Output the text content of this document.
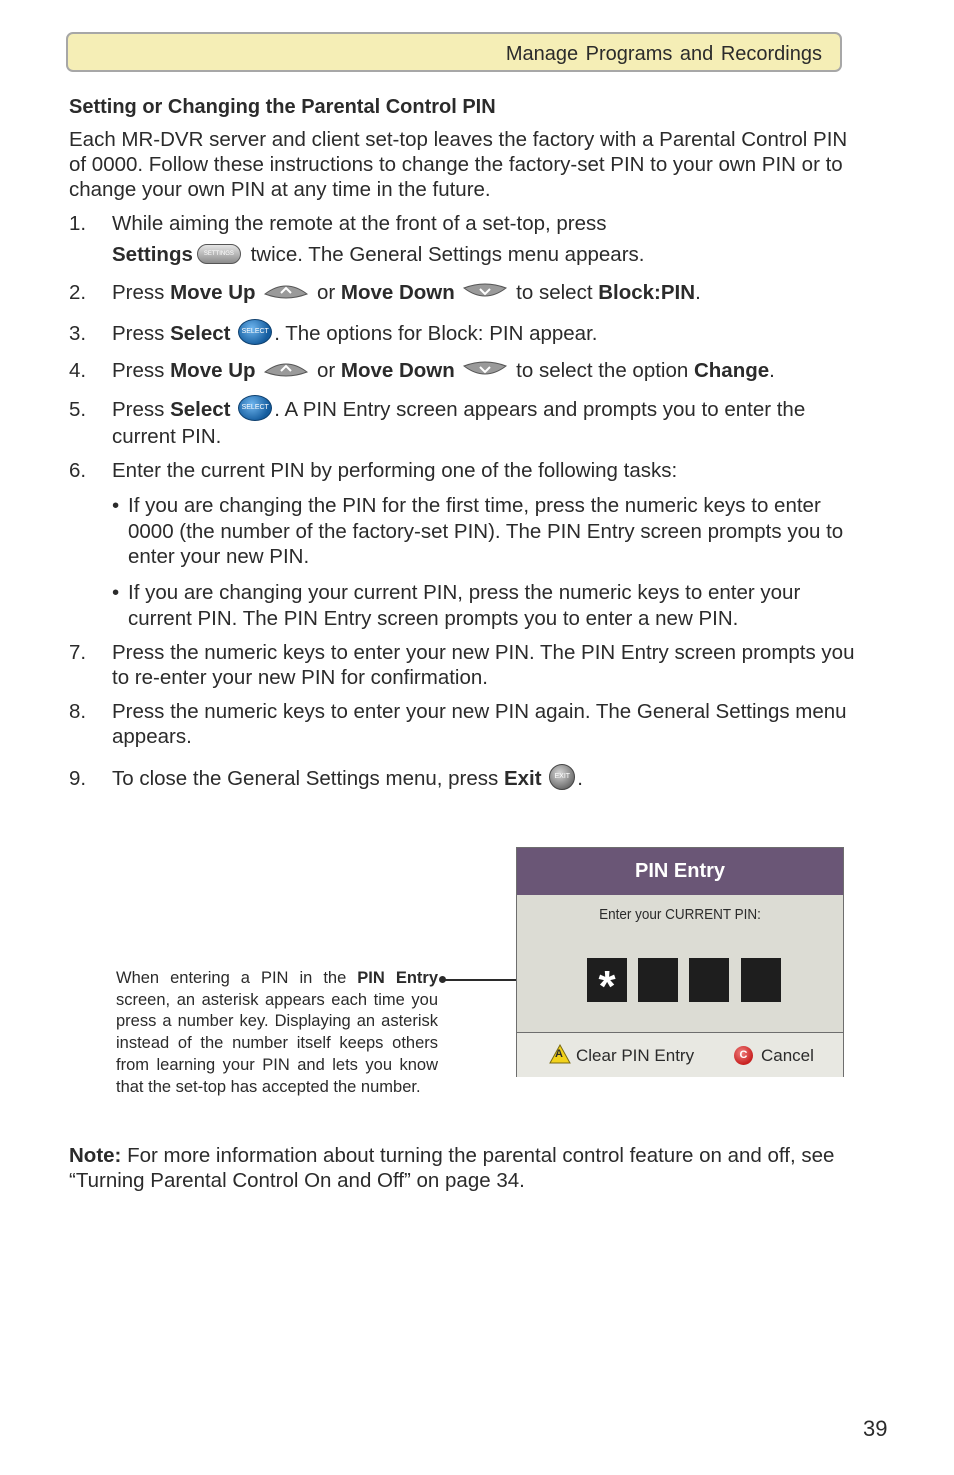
Manage Programs and Recordings
Setting or Changing the Parental Control PIN
Each MR-DVR server and client set-top leaves the factory with a Parental Control PIN of 0000. Follow these instructions to change the factory-set PIN to your own PIN or to change your own PIN at any time in the future.
1. While aiming the remote at the front of a set-top, press
Settings	SETTINGS twice. The General Settings menu appears.
2. Press Move Up	or Move Down	to select Block:PIN.
3. Press Select	SELECT . The options for Block: PIN appear.
4. Press Move Up	or Move Down	to select the option Change.
5. Press Select	SELECT . A PIN Entry screen appears and prompts you to enter the current PIN.
6. Enter the current PIN by performing one of the following tasks:
• If you are changing the PIN for the first time, press the numeric keys to enter 0000 (the number of the factory-set PIN). The PIN Entry screen prompts you to enter your new PIN.
• If you are changing your current PIN, press the numeric keys to enter your current PIN. The PIN Entry screen prompts you to enter a new PIN.
7. Press the numeric keys to enter your new PIN. The PIN Entry screen prompts you to re-enter your new PIN for confirmation.
8. Press the numeric keys to enter your new PIN again. The General Settings menu appears.
9. To close the General Settings menu, press Exit	EXIT .
When entering a PIN in the PIN Entry screen, an asterisk appears each time you press a number key. Displaying an asterisk instead of the number itself keeps others from learning your PIN and lets you know that the set-top has accepted the number.
PIN Entry
Enter your CURRENT PIN:
*
A Clear PIN Entry	C Cancel
Note: For more information about turning the parental control feature on and off, see “Turning Parental Control On and Off” on page 34.
39
